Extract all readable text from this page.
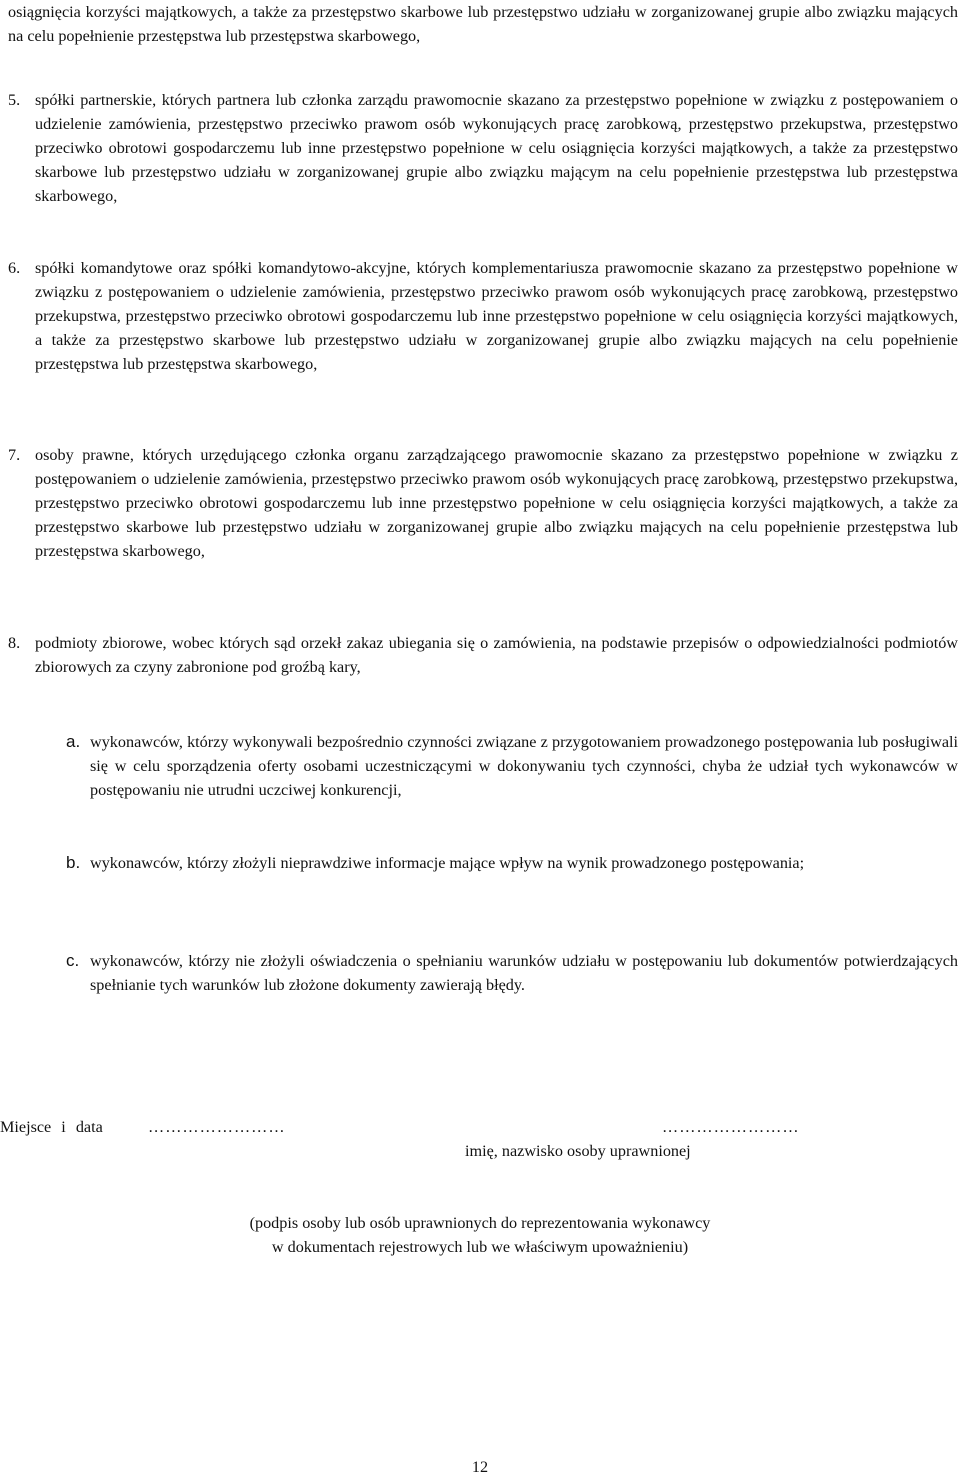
osiągnięcia korzyści majątkowych, a także za przestępstwo skarbowe lub przestępstwo udziału w zorganizowanej grupie albo związku mających na celu popełnienie przestępstwa lub przestępstwa skarbowego,

5. spółki partnerskie, których partnera lub członka zarządu prawomocnie skazano za przestępstwo popełnione w związku z postępowaniem o udzielenie zamówienia, przestępstwo przeciwko prawom osób wykonujących pracę zarobkową, przestępstwo przekupstwa, przestępstwo przeciwko obrotowi gospodarczemu lub inne przestępstwo popełnione w celu osiągnięcia korzyści majątkowych, a także za przestępstwo skarbowe lub przestępstwo udziału w zorganizowanej grupie albo związku mającym na celu popełnienie przestępstwa lub przestępstwa skarbowego,

6. spółki komandytowe oraz spółki komandytowo-akcyjne, których komplementariusza prawomocnie skazano za przestępstwo popełnione w związku z postępowaniem o udzielenie zamówienia, przestępstwo przeciwko prawom osób wykonujących pracę zarobkową, przestępstwo przekupstwa, przestępstwo przeciwko obrotowi gospodarczemu lub inne przestępstwo popełnione w celu osiągnięcia korzyści majątkowych, a także za przestępstwo skarbowe lub przestępstwo udziału w zorganizowanej grupie albo związku mających na celu popełnienie przestępstwa lub przestępstwa skarbowego,

7. osoby prawne, których urzędującego członka organu zarządzającego prawomocnie skazano za przestępstwo popełnione w związku z postępowaniem o udzielenie zamówienia, przestępstwo przeciwko prawom osób wykonujących pracę zarobkową, przestępstwo przekupstwa, przestępstwo przeciwko obrotowi gospodarczemu lub inne przestępstwo popełnione w celu osiągnięcia korzyści majątkowych, a także za przestępstwo skarbowe lub przestępstwo udziału w zorganizowanej grupie albo związku mających na celu popełnienie przestępstwa lub przestępstwa skarbowego,

8. podmioty zbiorowe, wobec których sąd orzekł zakaz ubiegania się o zamówienia, na podstawie przepisów o odpowiedzialności podmiotów zbiorowych za czyny zabronione pod groźbą kary,

a. wykonawców, którzy wykonywali bezpośrednio czynności związane z przygotowaniem prowadzonego postępowania lub posługiwali się w celu sporządzenia oferty osobami uczestniczącymi w dokonywaniu tych czynności, chyba że udział tych wykonawców w postępowaniu nie utrudni uczciwej konkurencji,

b. wykonawców, którzy złożyli nieprawdziwe informacje mające wpływ na wynik prowadzonego postępowania;

c. wykonawców, którzy nie złożyli oświadczenia o spełnianiu warunków udziału w postępowaniu lub dokumentów potwierdzających spełnianie tych warunków lub złożone dokumenty zawierają błędy.

Miejsce i data	……………………	……………………
imię, nazwisko osoby uprawnionej
(podpis osoby lub osób uprawnionych do reprezentowania wykonawcy
w dokumentach rejestrowych lub we właściwym upoważnieniu)
12
